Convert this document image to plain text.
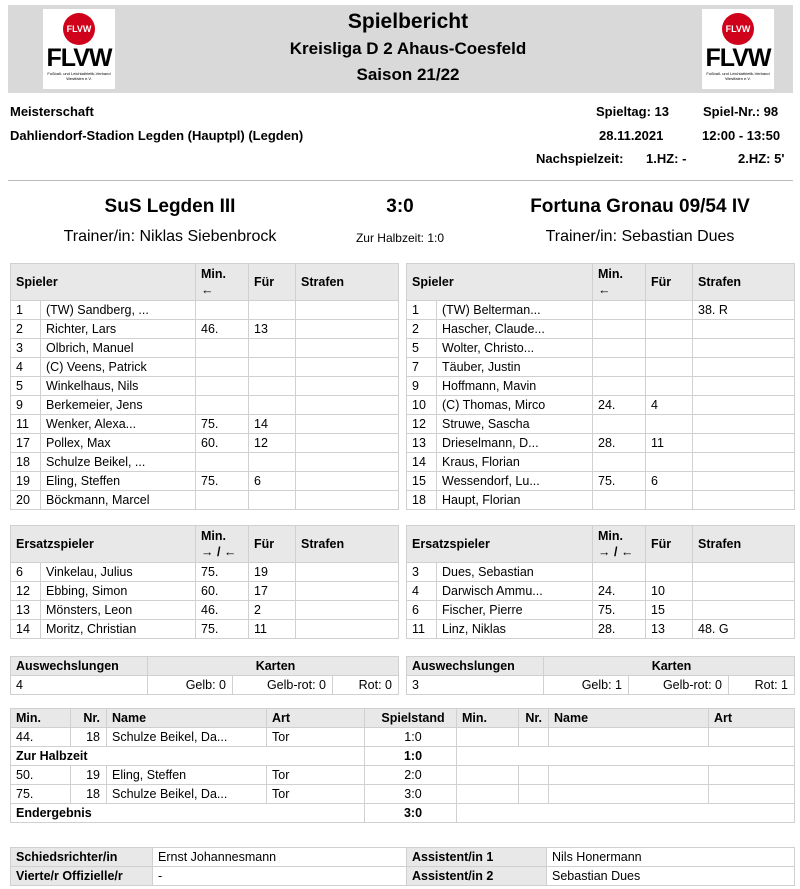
FLVW
FLVW
Fußball- und Leichtathletik-Verband Westfalen e.V.
Spielbericht
Kreisliga D 2 Ahaus-Coesfeld
Saison 21/22
FLVW
FLVW
Fußball- und Leichtathletik-Verband Westfalen e.V.
Meisterschaft
Dahliendorf-Stadion Legden (Hauptpl) (Legden)
Spieltag: 13	Spiel-Nr.: 98
28.11.2021	12:00 - 13:50
Nachspielzeit: 1.HZ: -	2.HZ: 5'
SuS Legden III	3:0	Fortuna Gronau 09/54 IV
Trainer/in: Niklas Siebenbrock	Zur Halbzeit: 1:0	Trainer/in: Sebastian Dues
Spieler		Min.
←	Für	Strafen
1	(TW) Sandberg, ...			
2	Richter, Lars	46.	13	
3	Olbrich, Manuel			
4	(C) Veens, Patrick			
5	Winkelhaus, Nils			
9	Berkemeier, Jens			
11	Wenker, Alexa...	75.	14	
17	Pollex, Max	60.	12	
18	Schulze Beikel, ...			
19	Eling, Steffen	75.	6	
20	Böckmann, Marcel			
Spieler		Min.
←	Für	Strafen
1	(TW) Belterman...			38. R
2	Hascher, Claude...			
5	Wolter, Christo...			
7	Täuber, Justin			
9	Hoffmann, Mavin			
10	(C) Thomas, Mirco	24.	4	
12	Struwe, Sascha			
13	Drieselmann, D...	28.	11	
14	Kraus, Florian			
15	Wessendorf, Lu...	75.	6	
18	Haupt, Florian			
Ersatzspieler		Min.
→ / ←	Für	Strafen
6	Vinkelau, Julius	75.	19	
12	Ebbing, Simon	60.	17	
13	Mönsters, Leon	46.	2	
14	Moritz, Christian	75.	11	
Ersatzspieler		Min.
→ / ←	Für	Strafen
3	Dues, Sebastian			
4	Darwisch Ammu...	24.	10	
6	Fischer, Pierre	75.	15	
11	Linz, Niklas	28.	13	48. G
Auswechslungen	Karten		
4	Gelb: 0	Gelb-rot: 0	Rot: 0
Auswechslungen	Karten		
3	Gelb: 1	Gelb-rot: 0	Rot: 1
Min.	Nr.	Name	Art	Spielstand	Min.	Nr.	Name	Art
44.	18	Schulze Beikel, Da...	Tor	1:0				
Zur Halbzeit				1:0				
50.	19	Eling, Steffen	Tor	2:0				
75.	18	Schulze Beikel, Da...	Tor	3:0				
Endergebnis				3:0				
Schiedsrichter/in	Ernst Johannesmann	Assistent/in 1	Nils Honermann
Vierte/r Offizielle/r	-	Assistent/in 2	Sebastian Dues
